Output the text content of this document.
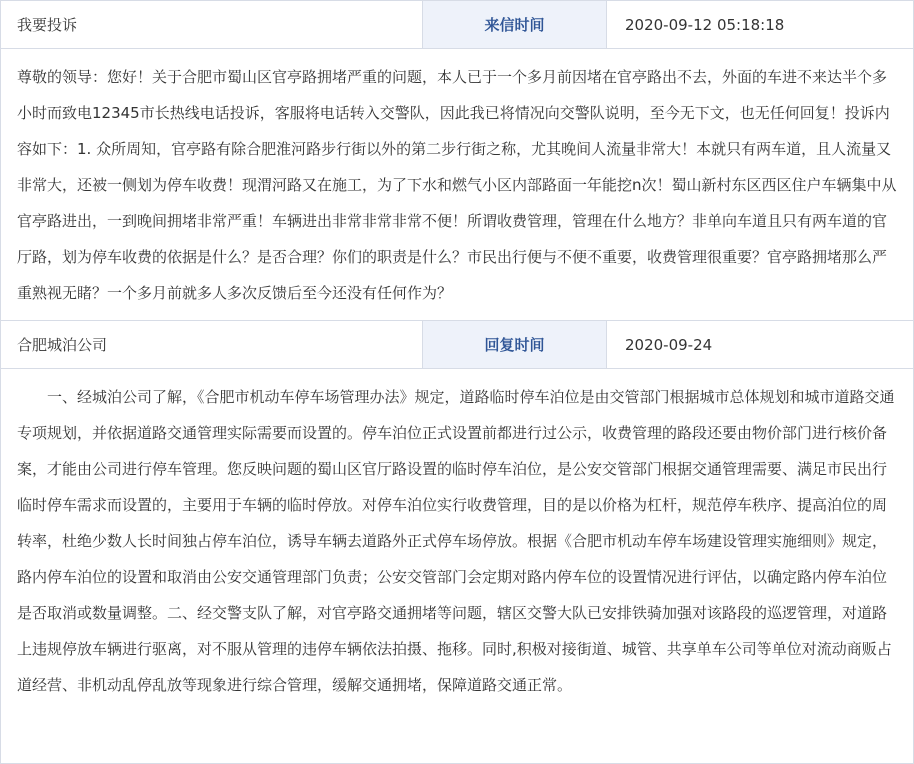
我要投诉	来信时间	2020-09-12 05:18:18
尊敬的领导：您好！关于合肥市蜀山区官亭路拥堵严重的问题，本人已于一个多月前因堵在官亭路出不去，外面的车进不来达半个多小时而致电12345市长热线电话投诉，客服将电话转入交警队，因此我已将情况向交警队说明，至今无下文，也无任何回复！投诉内容如下：1. 众所周知，官亭路有除合肥淮河路步行街以外的第二步行街之称，尤其晚间人流量非常大！本就只有两车道，且人流量又非常大，还被一侧划为停车收费！现渭河路又在施工，为了下水和燃气小区内部路面一年能挖n次！蜀山新村东区西区住户车辆集中从官亭路进出，一到晚间拥堵非常严重！车辆进出非常非常非常不便！所谓收费管理，管理在什么地方？非单向车道且只有两车道的官厅路，划为停车收费的依据是什么？是否合理？你们的职责是什么？市民出行便与不便不重要，收费管理很重要？官亭路拥堵那么严重熟视无睹？一个多月前就多人多次反馈后至今还没有任何作为？
合肥城泊公司	回复时间	2020-09-24
一、经城泊公司了解，《合肥市机动车停车场管理办法》规定，道路临时停车泊位是由交管部门根据城市总体规划和城市道路交通专项规划，并依据道路交通管理实际需要而设置的。停车泊位正式设置前都进行过公示，收费管理的路段还要由物价部门进行核价备案，才能由公司进行停车管理。您反映问题的蜀山区官厅路设置的临时停车泊位，是公安交管部门根据交通管理需要、满足市民出行临时停车需求而设置的，主要用于车辆的临时停放。对停车泊位实行收费管理，目的是以价格为杠杆，规范停车秩序、提高泊位的周转率，杜绝少数人长时间独占停车泊位，诱导车辆去道路外正式停车场停放。根据《合肥市机动车停车场建设管理实施细则》规定，路内停车泊位的设置和取消由公安交通管理部门负责；公安交管部门会定期对路内停车位的设置情况进行评估，以确定路内停车泊位是否取消或数量调整。二、经交警支队了解，对官亭路交通拥堵等问题，辖区交警大队已安排铁骑加强对该路段的巡逻管理，对道路上违规停放车辆进行驱离，对不服从管理的违停车辆依法拍摄、拖移。同时,积极对接街道、城管、共享单车公司等单位对流动商贩占道经营、非机动乱停乱放等现象进行综合管理，缓解交通拥堵，保障道路交通正常。
